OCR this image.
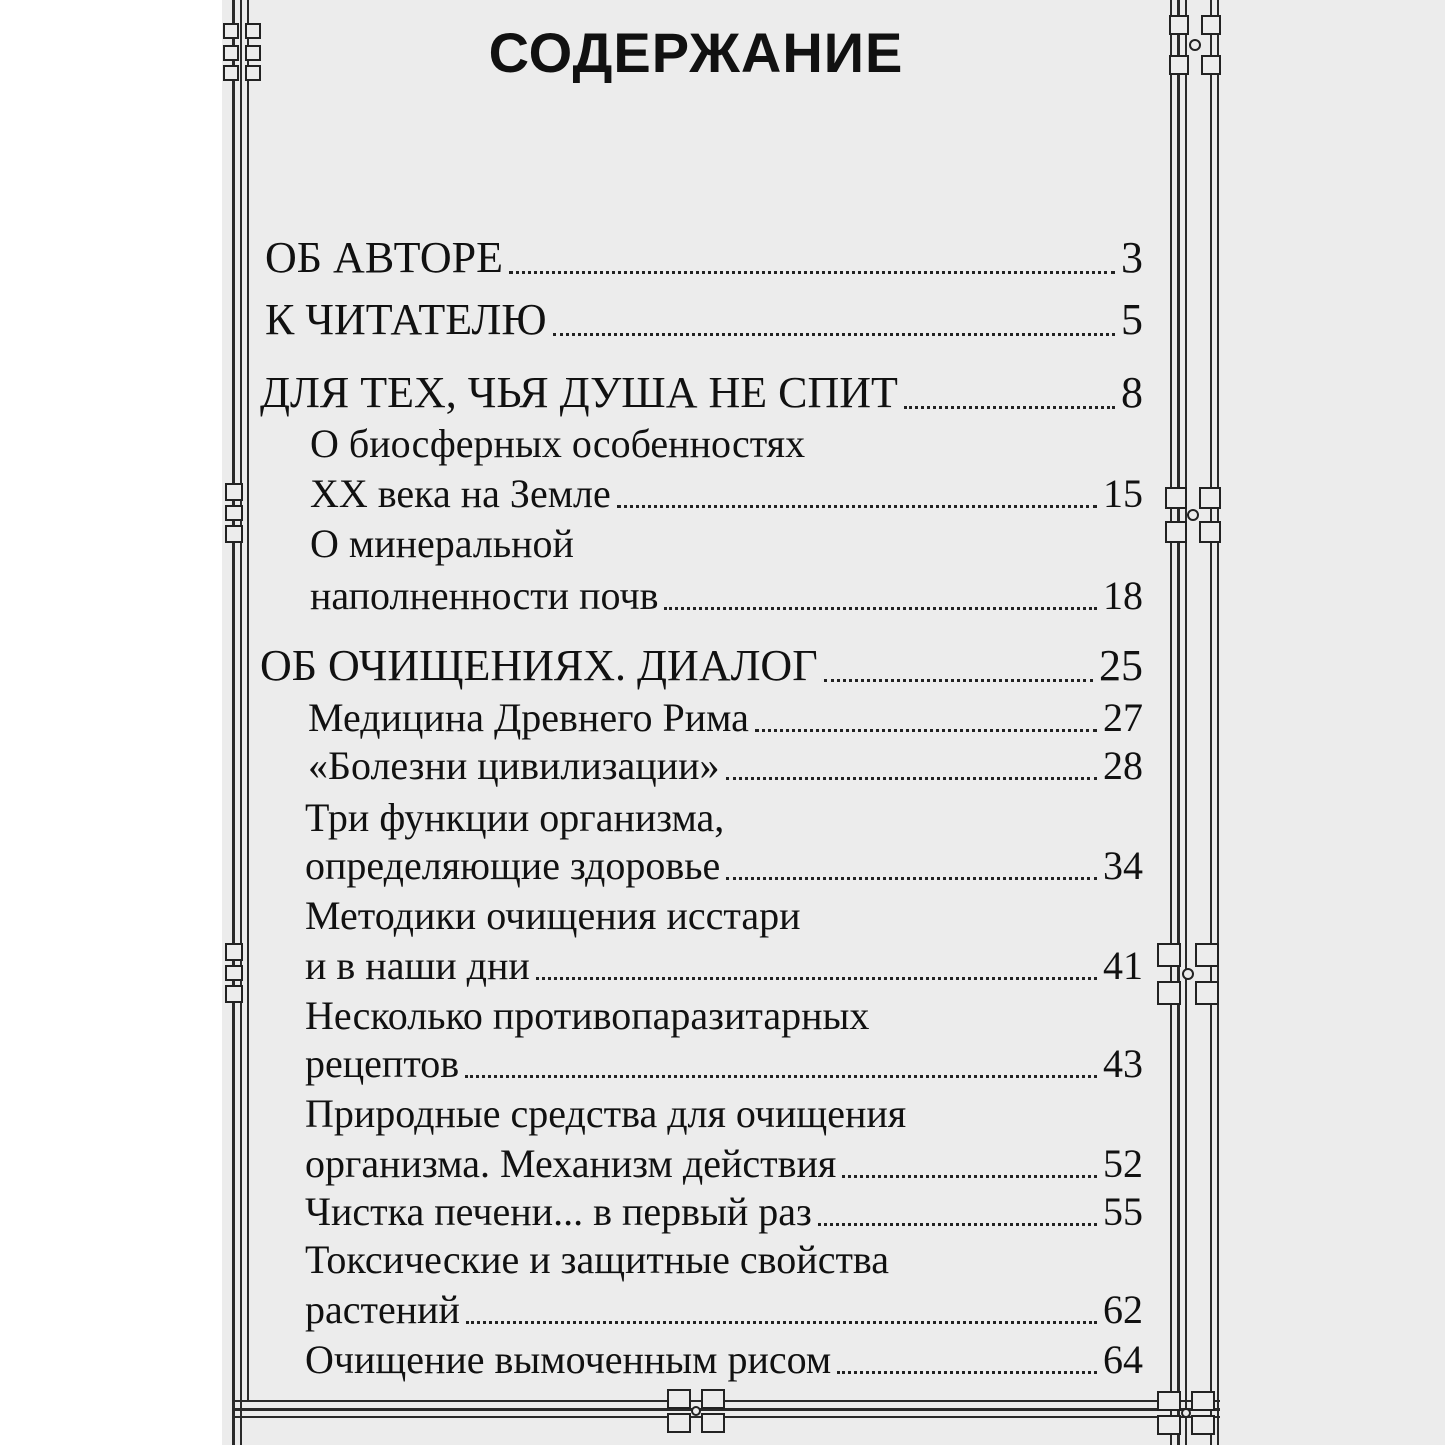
СОДЕРЖАНИЕ
ОБ АВТОРЕ	3
К ЧИТАТЕЛЮ	5
ДЛЯ ТЕХ, ЧЬЯ ДУША НЕ СПИТ	8
О биосферных особенностях
XX века на Земле	15
О минеральной
наполненности почв	18
ОБ ОЧИЩЕНИЯХ. ДИАЛОГ	25
Медицина Древнего Рима	27
«Болезни цивилизации»	28
Три функции организма,
определяющие здоровье	34
Методики очищения исстари
и в наши дни	41
Несколько противопаразитарных
рецептов	43
Природные средства для очищения
организма. Механизм действия	52
Чистка печени... в первый раз	55
Токсические и защитные свойства
растений	62
Очищение вымоченным рисом	64
